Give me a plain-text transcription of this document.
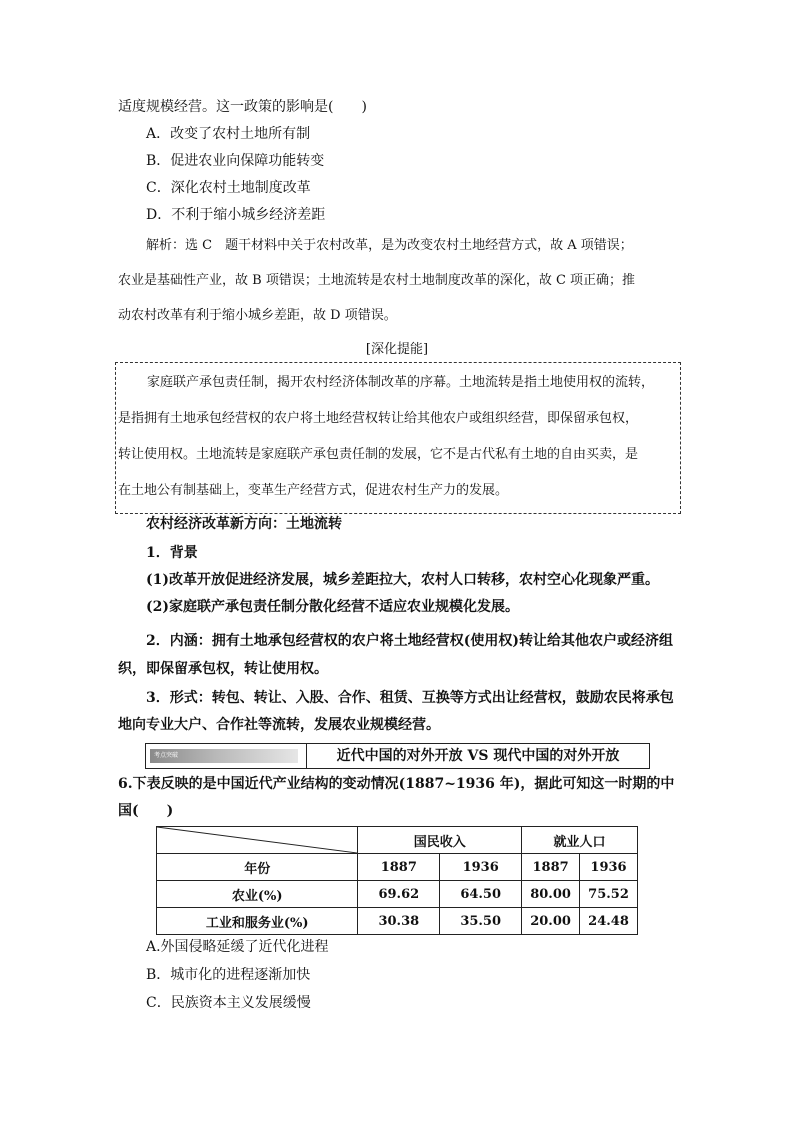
适度规模经营。这一政策的影响是(　　)
A．改变了农村土地所有制
B．促进农业向保障功能转变
C．深化农村土地制度改革
D．不利于缩小城乡经济差距
解析：选 C　题干材料中关于农村改革，是为改变农村土地经营方式，故 A 项错误；
农业是基础性产业，故 B 项错误；土地流转是农村土地制度改革的深化，故 C 项正确；推
动农村改革有利于缩小城乡差距，故 D 项错误。
[深化提能]
家庭联产承包责任制，揭开农村经济体制改革的序幕。土地流转是指土地使用权的流转，
是指拥有土地承包经营权的农户将土地经营权转让给其他农户或组织经营，即保留承包权，
转让使用权。土地流转是家庭联产承包责任制的发展，它不是古代私有土地的自由买卖，是
在土地公有制基础上，变革生产经营方式，促进农村生产力的发展。
农村经济改革新方向：土地流转
1．背景
(1)改革开放促进经济发展，城乡差距拉大，农村人口转移，农村空心化现象严重。
(2)家庭联产承包责任制分散化经营不适应农业规模化发展。
2．内涵：拥有土地承包经营权的农户将土地经营权(使用权)转让给其他农户或经济组
织，即保留承包权，转让使用权。
3．形式：转包、转让、入股、合作、租赁、互换等方式出让经营权，鼓励农民将承包
地向专业大户、合作社等流转，发展农业规模经营。
考点突破	近代中国的对外开放 VS 现代中国的对外开放
6.下表反映的是中国近代产业结构的变动情况(1887~1936 年)，据此可知这一时期的中
国(　　)
	国民收入		就业人口	
年份	1887	1936	1887	1936
农业(%)	69.62	64.50	80.00	75.52
工业和服务业(%)	30.38	35.50	20.00	24.48
A.外国侵略延缓了近代化进程
B．城市化的进程逐渐加快
C．民族资本主义发展缓慢
